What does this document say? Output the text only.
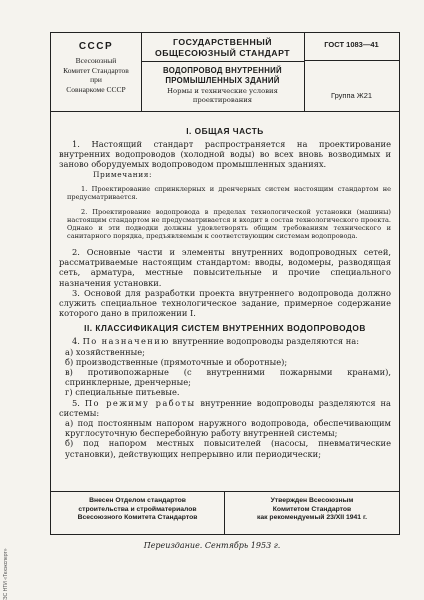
ЭС НТИ «Техэксперт»
СССР
Всесоюзный
Комитет Стандартов
при
Совнаркоме СССР
ГОСУДАРСТВЕННЫЙ
ОБЩЕСОЮЗНЫЙ СТАНДАРТ
ВОДОПРОВОД ВНУТРЕННИЙ
ПРОМЫШЛЕННЫХ ЗДАНИЙ
Нормы и технические условия
проектирования
ГОСТ 1083—41
Группа Ж21
I. ОБЩАЯ ЧАСТЬ

1. Настоящий стандарт распространяется на проектирование внутренних водопроводов (холодной воды) во всех вновь возводимых и заново оборудуемых водопроводом промышленных зданиях.

Примечания:

1. Проектирование спринклерных и дренчерных систем настоящим стандартом не предусматривается.

2. Проектирование водопровода в пределах технологической установки (машины) настоящим стандартом не предусматривается и входит в состав технологического проекта. Однако и эти подводки должны удовлетворять общим требованиям технического и санитарного порядка, предъявляемым к соответствующим системам водопровода.

2. Основные части и элементы внутренних водопроводных сетей, рассматриваемые настоящим стандартом: вводы, водомеры, разводящая сеть, арматура, местные повысительные и прочие специального назначения установки.

3. Основой для разработки проекта внутреннего водопровода должно служить специальное технологическое задание, примерное содержание которого дано в приложении I.

II. КЛАССИФИКАЦИЯ СИСТЕМ ВНУТРЕННИХ ВОДОПРОВОДОВ

4. По назначению внутренние водопроводы разделяются на:

а) хозяйственные;

б) производственные (прямоточные и оборотные);

в) противопожарные (с внутренними пожарными кранами), спринклерные, дренчерные;

г) специальные питьевые.

5. По режиму работы внутренние водопроводы разделяются на системы:

а) под постоянным напором наружного водопровода, обеспечивающим круглосуточную бесперебойную работу внутренней системы;

б) под напором местных повысителей (насосы, пневматические установки), действующих непрерывно или периодически;

Внесен Отделом стандартов
строительства и стройматериалов
Всесоюзного Комитета Стандартов
Утвержден Всесоюзным
Комитетом Стандартов
как рекомендуемый 23/XII 1941 г.
Переиздание. Сентябрь 1953 г.
